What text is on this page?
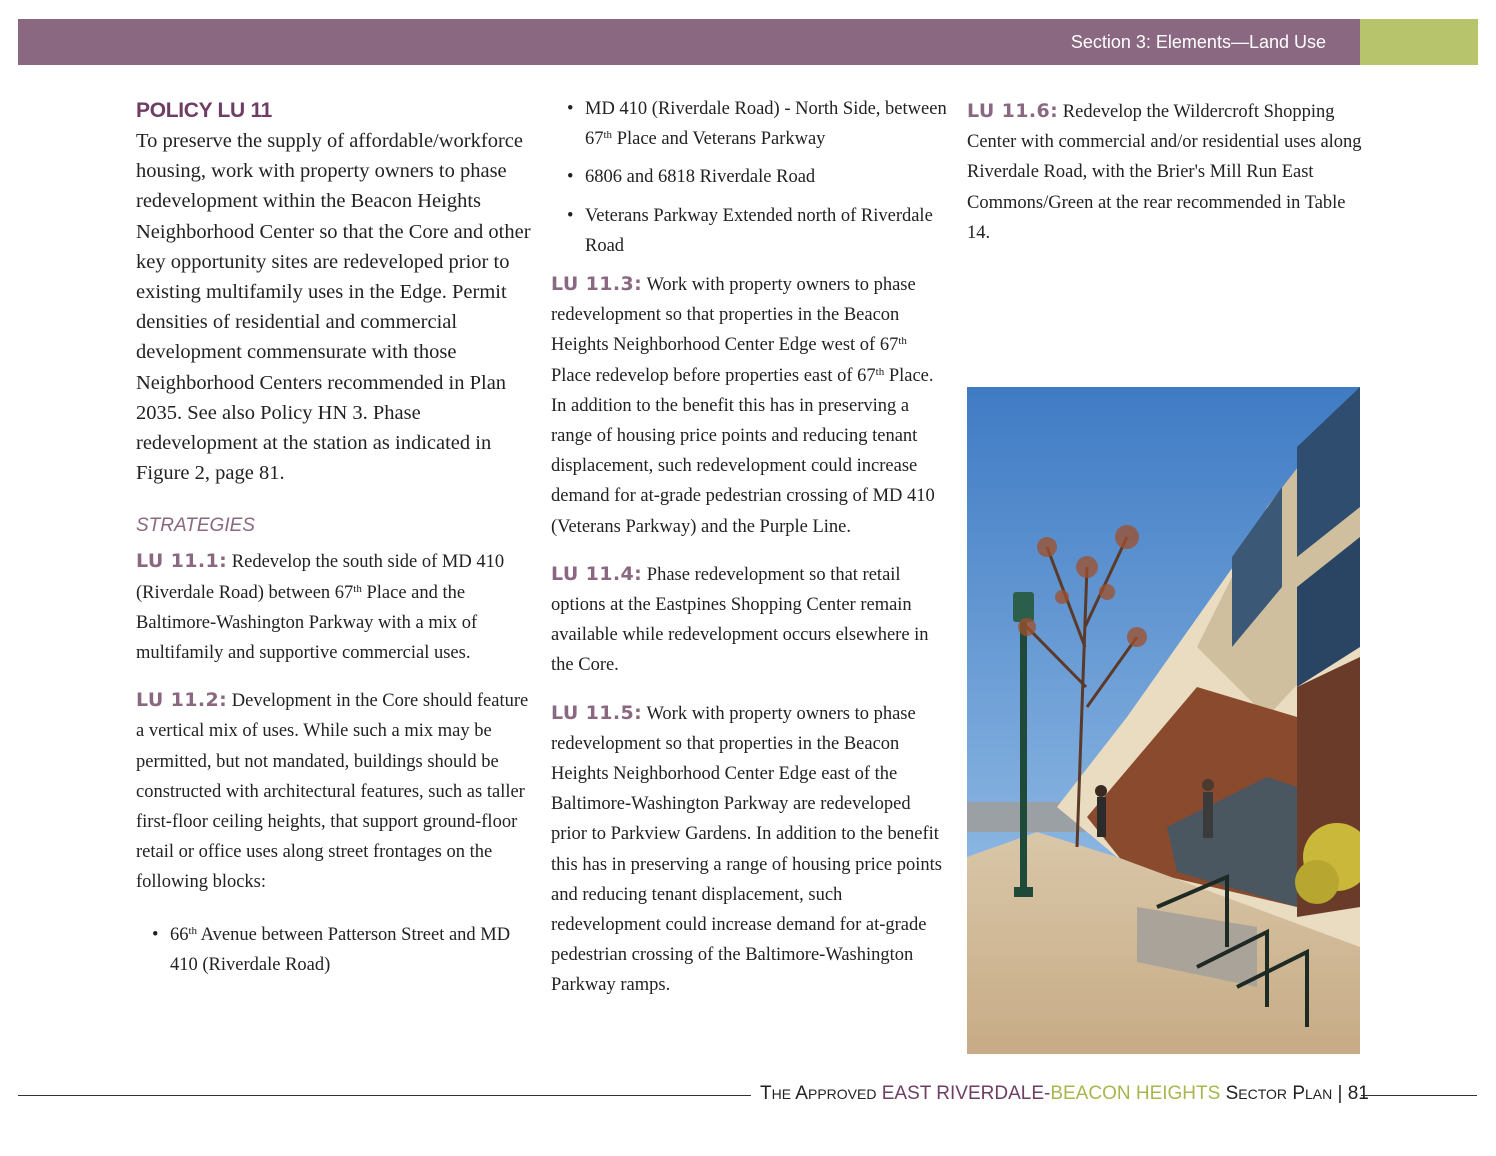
Section 3: Elements—Land Use
POLICY LU 11

To preserve the supply of affordable/workforce housing, work with property owners to phase redevelopment within the Beacon Heights Neighborhood Center so that the Core and other key opportunity sites are redeveloped prior to existing multifamily uses in the Edge. Permit densities of residential and commercial development commensurate with those Neighborhood Centers recommended in Plan 2035. See also Policy HN 3. Phase redevelopment at the station as indicated in Figure 2, page 81.

STRATEGIES

LU 11.1: Redevelop the south side of MD 410 (Riverdale Road) between 67th Place and the Baltimore-Washington Parkway with a mix of multifamily and supportive commercial uses.

LU 11.2: Development in the Core should feature a vertical mix of uses. While such a mix may be permitted, but not mandated, buildings should be constructed with architectural features, such as taller first-floor ceiling heights, that support ground-floor retail or office uses along street frontages on the following blocks:

• 66th Avenue between Patterson Street and MD 410 (Riverdale Road)
• MD 410 (Riverdale Road) - North Side, between 67th Place and Veterans Parkway
• 6806 and 6818 Riverdale Road
• Veterans Parkway Extended north of Riverdale Road

LU 11.3: Work with property owners to phase redevelopment so that properties in the Beacon Heights Neighborhood Center Edge west of 67th Place redevelop before properties east of 67th Place. In addition to the benefit this has in preserving a range of housing price points and reducing tenant displacement, such redevelopment could increase demand for at-grade pedestrian crossing of MD 410 (Veterans Parkway) and the Purple Line.

LU 11.4: Phase redevelopment so that retail options at the Eastpines Shopping Center remain available while redevelopment occurs elsewhere in the Core.

LU 11.5: Work with property owners to phase redevelopment so that properties in the Beacon Heights Neighborhood Center Edge east of the Baltimore-Washington Parkway are redeveloped prior to Parkview Gardens. In addition to the benefit this has in preserving a range of housing price points and reducing tenant displacement, such redevelopment could increase demand for at-grade pedestrian crossing of the Baltimore-Washington Parkway ramps.

LU 11.6: Redevelop the Wildercroft Shopping Center with commercial and/or residential uses along Riverdale Road, with the Brier's Mill Run East Commons/Green at the rear recommended in Table 14.

THE APPROVED EAST RIVERDALE-BEACON HEIGHTS SECTOR PLAN | 81
